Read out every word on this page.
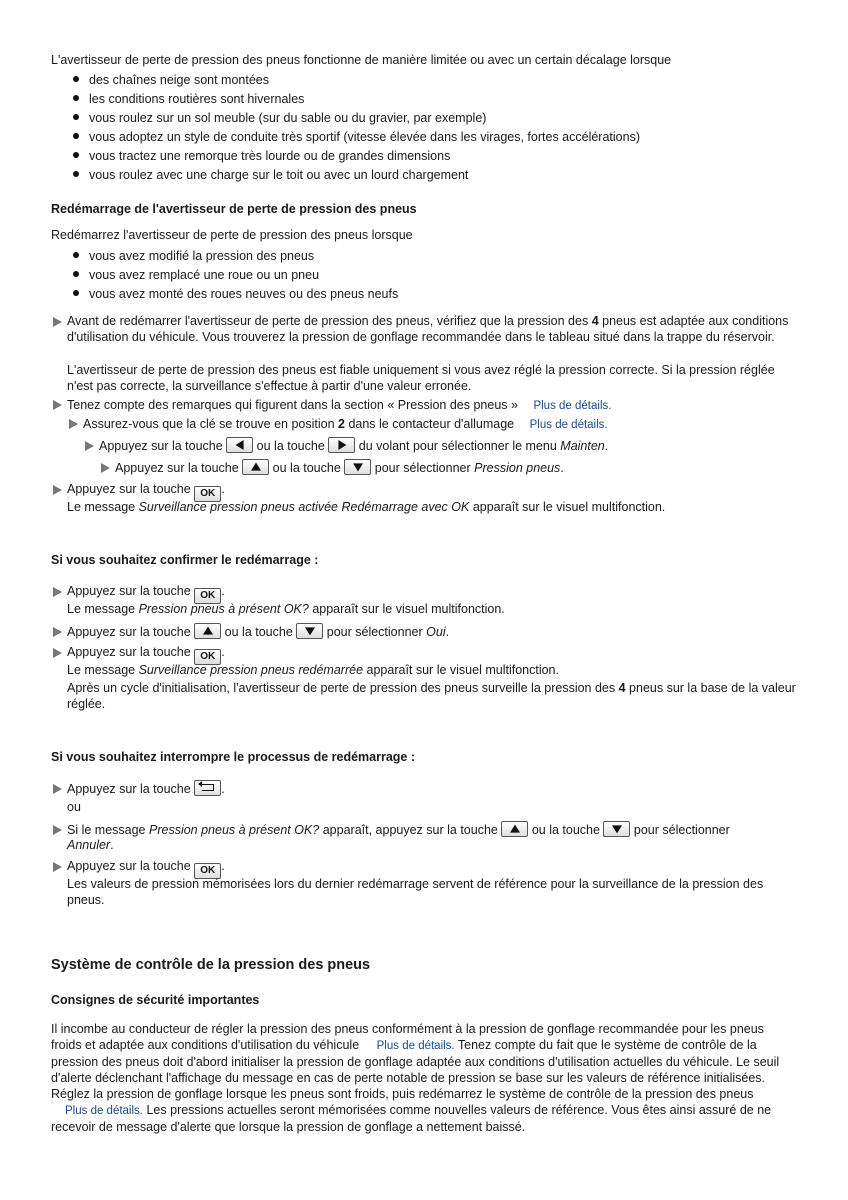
L'avertisseur de perte de pression des pneus fonctionne de manière limitée ou avec un certain décalage lorsque
des chaînes neige sont montées
les conditions routières sont hivernales
vous roulez sur un sol meuble (sur du sable ou du gravier, par exemple)
vous adoptez un style de conduite très sportif (vitesse élevée dans les virages, fortes accélérations)
vous tractez une remorque très lourde ou de grandes dimensions
vous roulez avec une charge sur le toit ou avec un lourd chargement
Redémarrage de l'avertisseur de perte de pression des pneus
Redémarrez l'avertisseur de perte de pression des pneus lorsque
vous avez modifié la pression des pneus
vous avez remplacé une roue ou un pneu
vous avez monté des roues neuves ou des pneus neufs
Avant de redémarrer l'avertisseur de perte de pression des pneus, vérifiez que la pression des 4 pneus est adaptée aux conditions d'utilisation du véhicule. Vous trouverez la pression de gonflage recommandée dans le tableau situé dans la trappe du réservoir.
L'avertisseur de perte de pression des pneus est fiable uniquement si vous avez réglé la pression correcte. Si la pression réglée n'est pas correcte, la surveillance s'effectue à partir d'une valeur erronée.
Tenez compte des remarques qui figurent dans la section « Pression des pneus » Plus de détails.
Assurez-vous que la clé se trouve en position 2 dans le contacteur d'allumage Plus de détails.
Appuyez sur la touche	ou la touche	du volant pour sélectionner le menu Mainten.
Appuyez sur la touche	ou la touche	pour sélectionner Pression pneus.
Appuyez sur la touche OK .
Le message Surveillance pression pneus activée Redémarrage avec OK apparaît sur le visuel multifonction.
Si vous souhaitez confirmer le redémarrage :
Appuyez sur la touche OK .
Le message Pression pneus à présent OK? apparaît sur le visuel multifonction.
Appuyez sur la touche	ou la touche	pour sélectionner Oui.
Appuyez sur la touche OK .
Le message Surveillance pression pneus redémarrée apparaît sur le visuel multifonction.
Après un cycle d'initialisation, l'avertisseur de perte de pression des pneus surveille la pression des 4 pneus sur la base de la valeur réglée.
Si vous souhaitez interrompre le processus de redémarrage :
Appuyez sur la touche .
ou
Si le message Pression pneus à présent OK? apparaît, appuyez sur la touche	ou la touche	pour sélectionner
Annuler.
Appuyez sur la touche OK .
Les valeurs de pression mémorisées lors du dernier redémarrage servent de référence pour la surveillance de la pression des pneus.
Système de contrôle de la pression des pneus
Consignes de sécurité importantes
Il incombe au conducteur de régler la pression des pneus conformément à la pression de gonflage recommandée pour les pneus froids et adaptée aux conditions d'utilisation du véhicule Plus de détails. Tenez compte du fait que le système de contrôle de la pression des pneus doit d'abord initialiser la pression de gonflage adaptée aux conditions d'utilisation actuelles du véhicule. Le seuil d'alerte déclenchant l'affichage du message en cas de perte notable de pression se base sur les valeurs de référence initialisées. Réglez la pression de gonflage lorsque les pneus sont froids, puis redémarrez le système de contrôle de la pression des pneus Plus de détails. Les pressions actuelles seront mémorisées comme nouvelles valeurs de référence. Vous êtes ainsi assuré de ne recevoir de message d'alerte que lorsque la pression de gonflage a nettement baissé.
